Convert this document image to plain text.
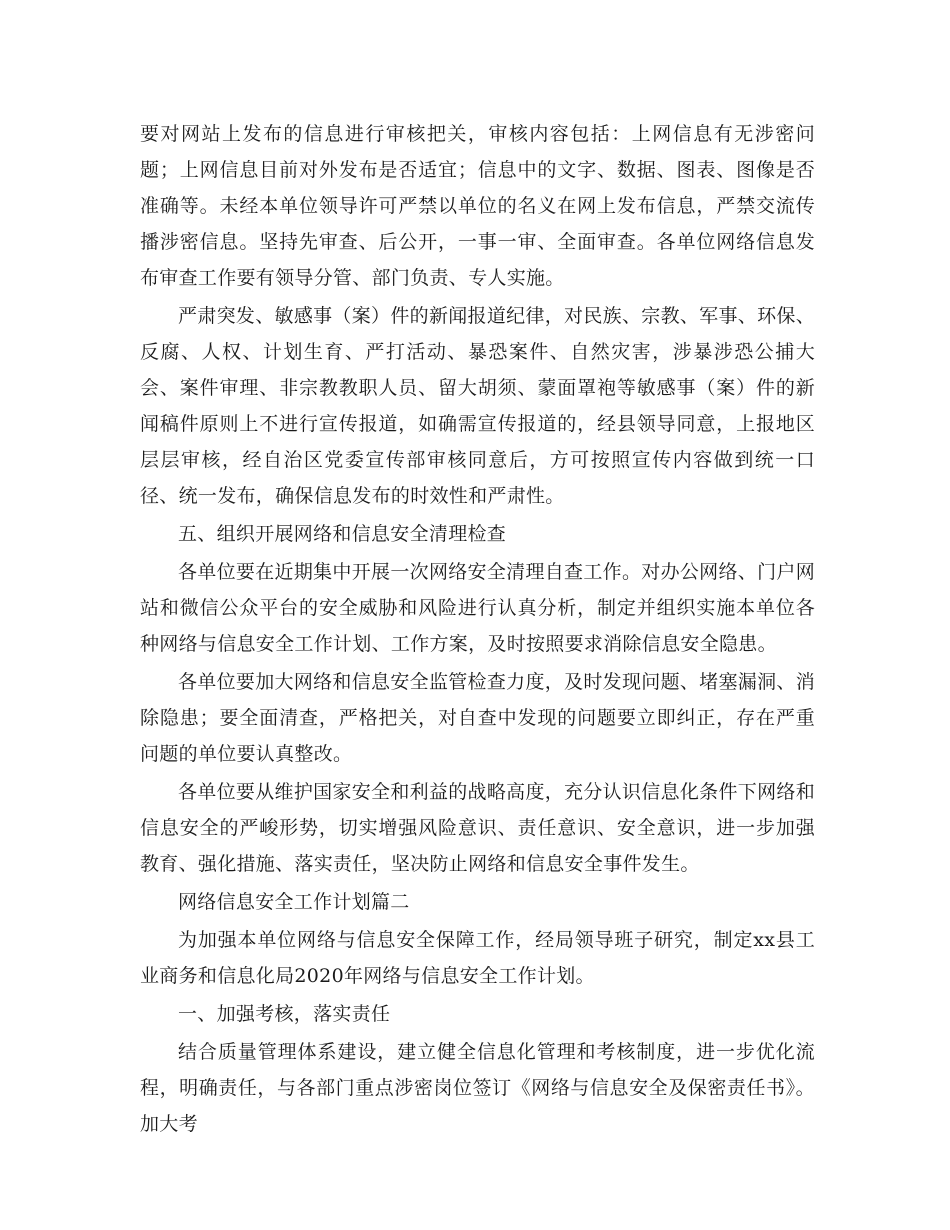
要对网站上发布的信息进行审核把关，审核内容包括：上网信息有无涉密问题；上网信息目前对外发布是否适宜；信息中的文字、数据、图表、图像是否准确等。未经本单位领导许可严禁以单位的名义在网上发布信息，严禁交流传播涉密信息。坚持先审查、后公开，一事一审、全面审查。各单位网络信息发布审查工作要有领导分管、部门负责、专人实施。

严肃突发、敏感事（案）件的新闻报道纪律，对民族、宗教、军事、环保、反腐、人权、计划生育、严打活动、暴恐案件、自然灾害，涉暴涉恐公捕大会、案件审理、非宗教教职人员、留大胡须、蒙面罩袍等敏感事（案）件的新闻稿件原则上不进行宣传报道，如确需宣传报道的，经县领导同意，上报地区层层审核，经自治区党委宣传部审核同意后，方可按照宣传内容做到统一口径、统一发布，确保信息发布的时效性和严肃性。

五、组织开展网络和信息安全清理检查

各单位要在近期集中开展一次网络安全清理自查工作。对办公网络、门户网站和微信公众平台的安全威胁和风险进行认真分析，制定并组织实施本单位各种网络与信息安全工作计划、工作方案，及时按照要求消除信息安全隐患。

各单位要加大网络和信息安全监管检查力度，及时发现问题、堵塞漏洞、消除隐患；要全面清查，严格把关，对自查中发现的问题要立即纠正，存在严重问题的单位要认真整改。

各单位要从维护国家安全和利益的战略高度，充分认识信息化条件下网络和信息安全的严峻形势，切实增强风险意识、责任意识、安全意识，进一步加强教育、强化措施、落实责任，坚决防止网络和信息安全事件发生。

网络信息安全工作计划篇二

为加强本单位网络与信息安全保障工作，经局领导班子研究，制定xx县工业商务和信息化局2020年网络与信息安全工作计划。

一、加强考核，落实责任

结合质量管理体系建设，建立健全信息化管理和考核制度，进一步优化流程，明确责任，与各部门重点涉密岗位签订《网络与信息安全及保密责任书》。加大考
